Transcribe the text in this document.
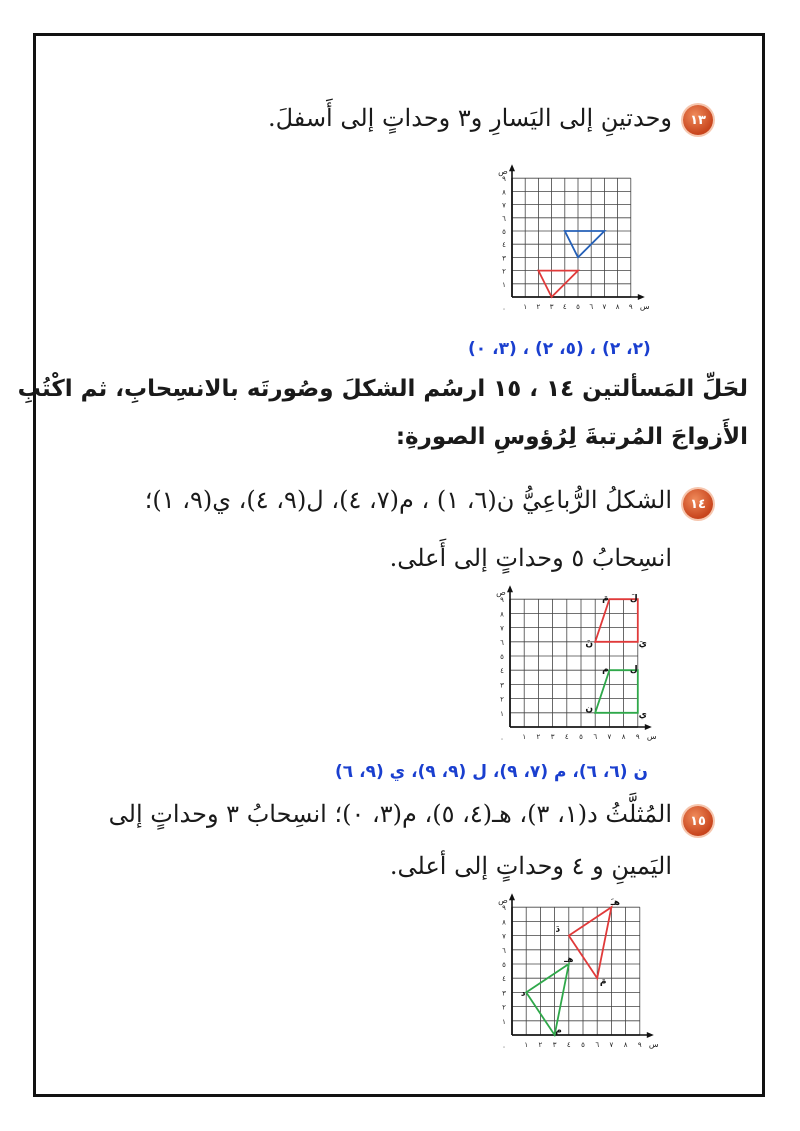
١٣
وحدتينِ إلى اليَسارِ و٣ وحداتٍ إلى أَسفلَ.
١
١
٢
٢
٣
٣
٤
٤
٥
٥
٦
٦
٧
٧
٨
٨
٩
٩
٠	س
ص
(٢، ٢) ، (٥، ٢) ، (٣، ٠)
لحَلِّ المَسألتين ١٤ ، ١٥ ارسُم الشكلَ وصُورتَه بالانسِحابِ، ثم اكْتُبِ
الأَزواجَ المُرتبةَ لِرُؤوسِ الصورةِ:
١٤
الشكلُ الرُّباعِيُّ ن(٦، ١) ، م(٧، ٤)، ل(٩، ٤)، ي(٩، ١)؛
انسِحابُ ٥ وحداتٍ إلى أَعلى.
١
١
٢
٢
٣
٣
٤
٤
٥
٥
٦
٦
٧
٧
٨
٨
٩
٩
٠	س
ص
ن
م ل
ي
نَ
مَ لَ
يَ
ن (٦، ٦)، م (٧، ٩)، ل (٩، ٩)، ي (٩، ٦)
١٥
المُثلَّثُ د(١، ٣)، هـ(٤، ٥)، م(٣، ٠)؛ انسِحابُ ٣ وحداتٍ إلى
اليَمينِ و ٤ وحداتٍ إلى أعلى.
١
١
٢
٢
٣
٣
٤
٤
٥
٥
٦
٦
٧
٧
٨
٨
٩
٩
٠	س
ص
د
هـ
م
دَ
هـَ
مَ
